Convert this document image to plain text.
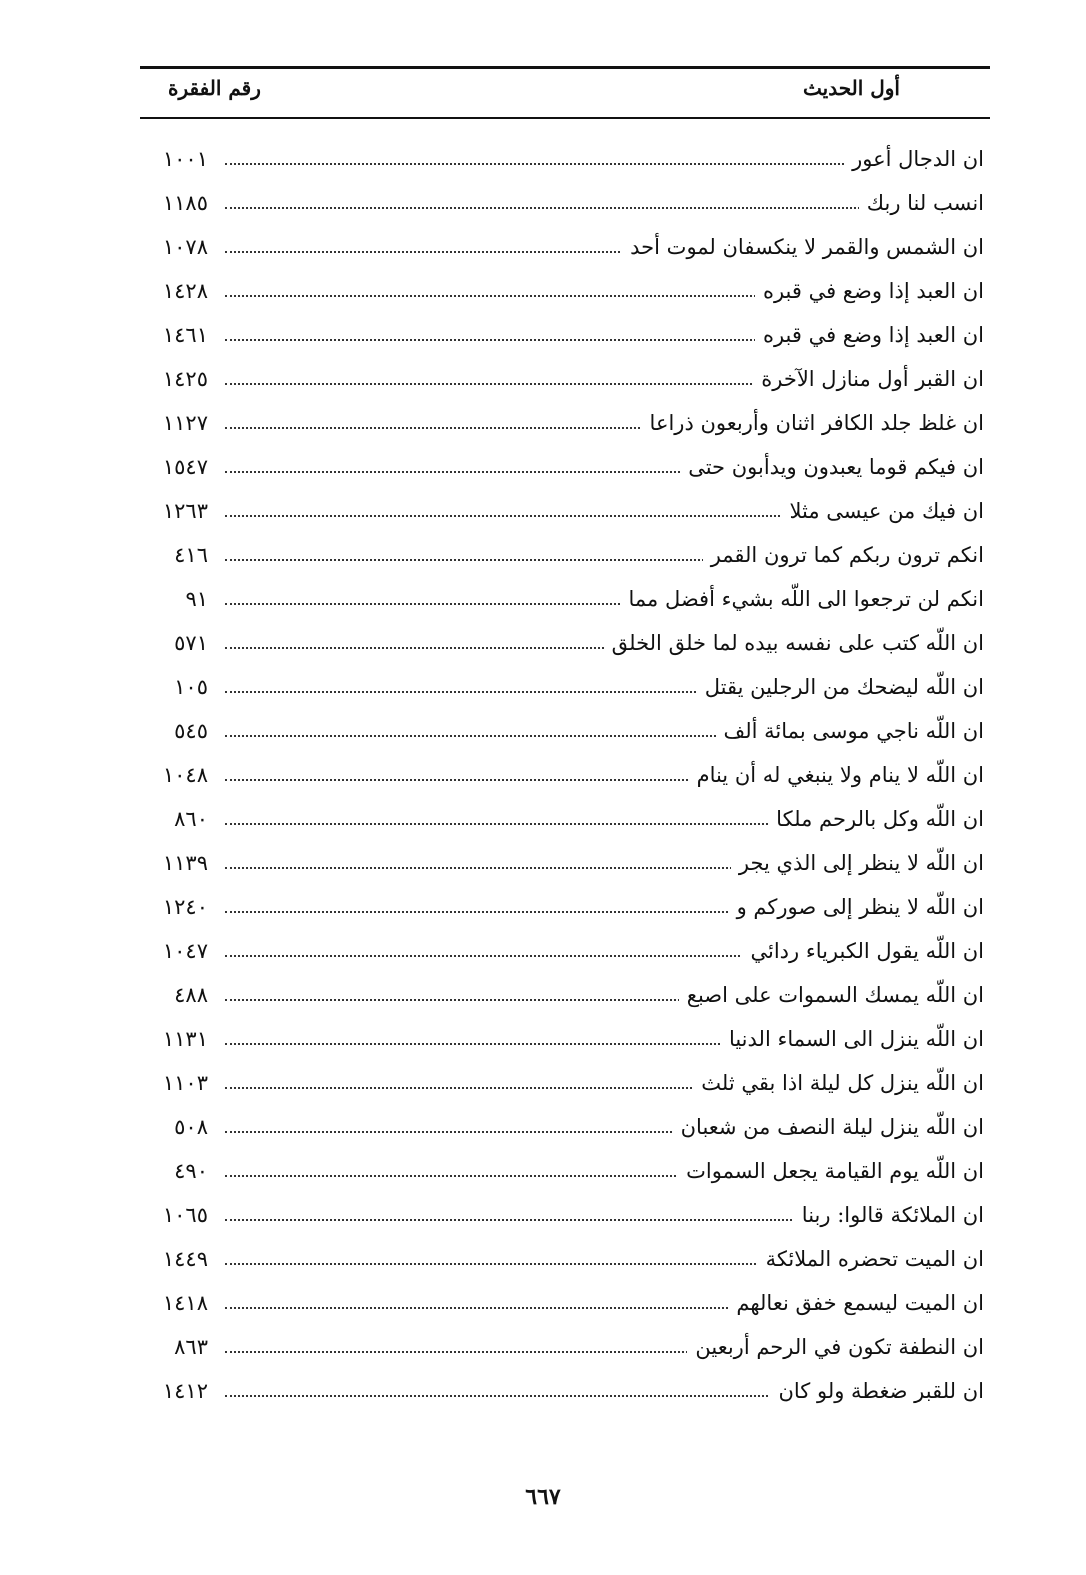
أول الحديث
رقم الفقرة
ان الدجال أعور
١٠٠١
انسب لنا ربك
١١٨٥
ان الشمس والقمر لا ينكسفان لموت أحد
١٠٧٨
ان العبد إذا وضع في قبره
١٤٢٨
ان العبد إذا وضع في قبره
١٤٦١
ان القبر أول منازل الآخرة
١٤٢٥
ان غلظ جلد الكافر اثنان وأربعون ذراعا
١١٢٧
ان فيكم قوما يعبدون ويدأبون حتى
١٥٤٧
ان فيك من عيسى مثلا
١٢٦٣
انكم ترون ربكم كما ترون القمر
٤١٦
انكم لن ترجعوا الى اللّه بشيء أفضل مما
٩١
ان اللّه كتب على نفسه بيده لما خلق الخلق
٥٧١
ان اللّه ليضحك من الرجلين يقتل
١٠٥
ان اللّه ناجي موسى بمائة ألف
٥٤٥
ان اللّه لا ينام ولا ينبغي له أن ينام
١٠٤٨
ان اللّه وكل بالرحم ملكا
٨٦٠
ان اللّه لا ينظر إلى الذي يجر
١١٣٩
ان اللّه لا ينظر إلى صوركم و
١٢٤٠
ان اللّه يقول الكبرياء ردائي
١٠٤٧
ان اللّه يمسك السموات على اصبع
٤٨٨
ان اللّه ينزل الى السماء الدنيا
١١٣١
ان اللّه ينزل كل ليلة اذا بقي ثلث
١١٠٣
ان اللّه ينزل ليلة النصف من شعبان
٥٠٨
ان اللّه يوم القيامة يجعل السموات
٤٩٠
ان الملائكة قالوا: ربنا
١٠٦٥
ان الميت تحضره الملائكة
١٤٤٩
ان الميت ليسمع خفق نعالهم
١٤١٨
ان النطفة تكون في الرحم أربعين
٨٦٣
ان للقبر ضغطة ولو كان
١٤١٢
٦٦٧
